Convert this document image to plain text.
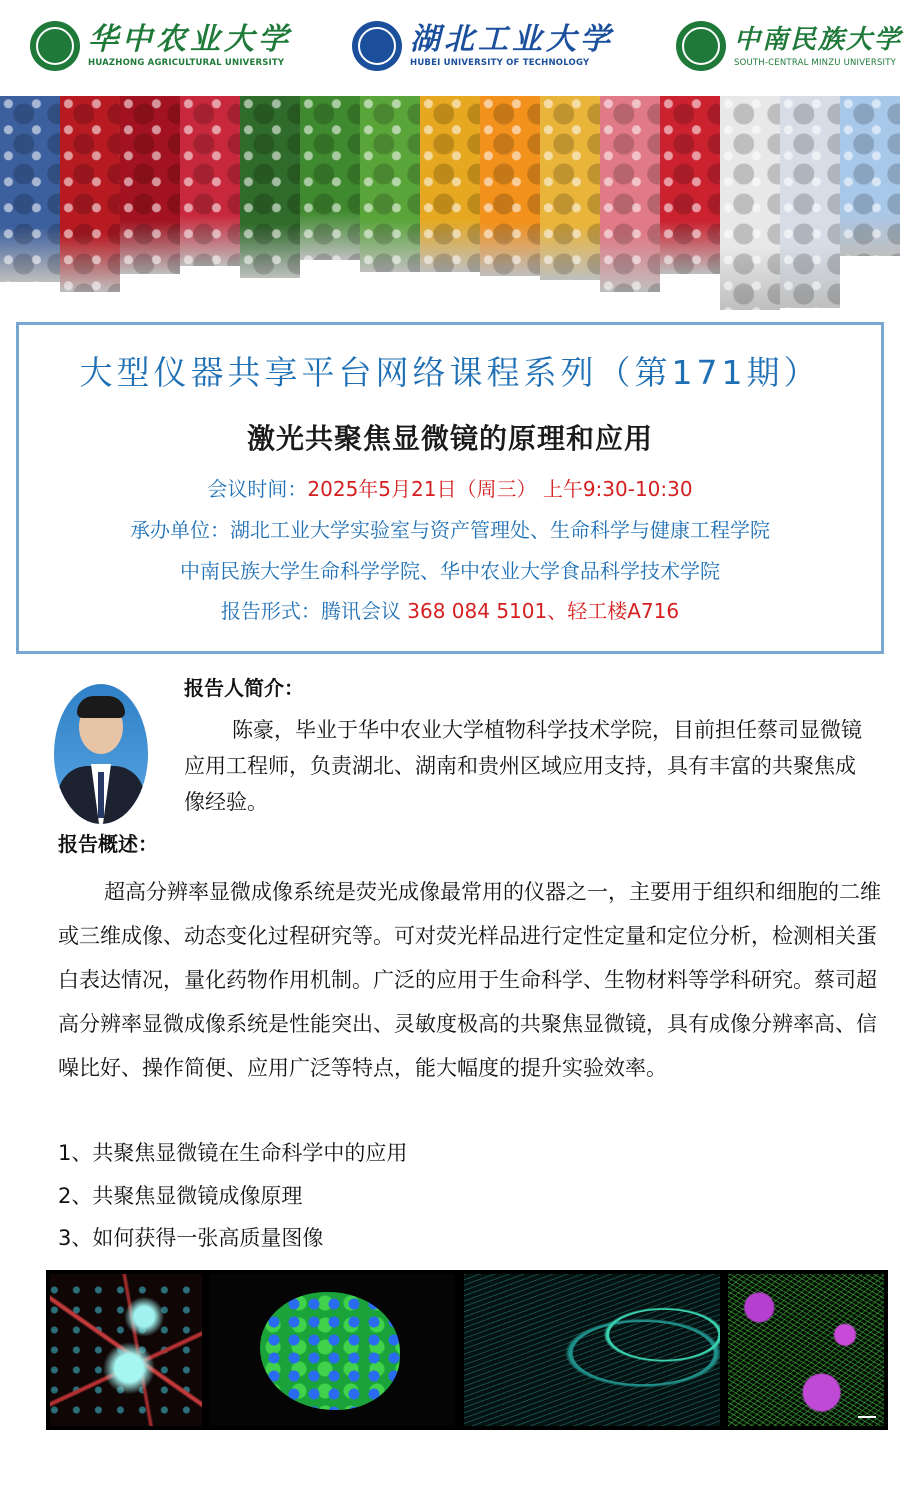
华中农业大学
HUAZHONG AGRICULTURAL UNIVERSITY
湖北工业大学
HUBEI UNIVERSITY OF TECHNOLOGY
中南民族大学
SOUTH-CENTRAL MINZU UNIVERSITY
大型仪器共享平台网络课程系列（第171期）
激光共聚焦显微镜的原理和应用
会议时间：2025年5月21日（周三） 上午9:30-10:30
承办单位：湖北工业大学实验室与资产管理处、生命科学与健康工程学院
中南民族大学生命科学学院、华中农业大学食品科学技术学院
报告形式：腾讯会议 368 084 5101、轻工楼A716
报告人简介：

陈豪，毕业于华中农业大学植物科学技术学院，目前担任蔡司显微镜应用工程师，负责湖北、湖南和贵州区域应用支持，具有丰富的共聚焦成像经验。

报告概述：

超高分辨率显微成像系统是荧光成像最常用的仪器之一，主要用于组织和细胞的二维或三维成像、动态变化过程研究等。可对荧光样品进行定性定量和定位分析，检测相关蛋白表达情况，量化药物作用机制。广泛的应用于生命科学、生物材料等学科研究。蔡司超高分辨率显微成像系统是性能突出、灵敏度极高的共聚焦显微镜，具有成像分辨率高、信噪比好、操作简便、应用广泛等特点，能大幅度的提升实验效率。

1、共聚焦显微镜在生命科学中的应用
2、共聚焦显微镜成像原理
3、如何获得一张高质量图像
